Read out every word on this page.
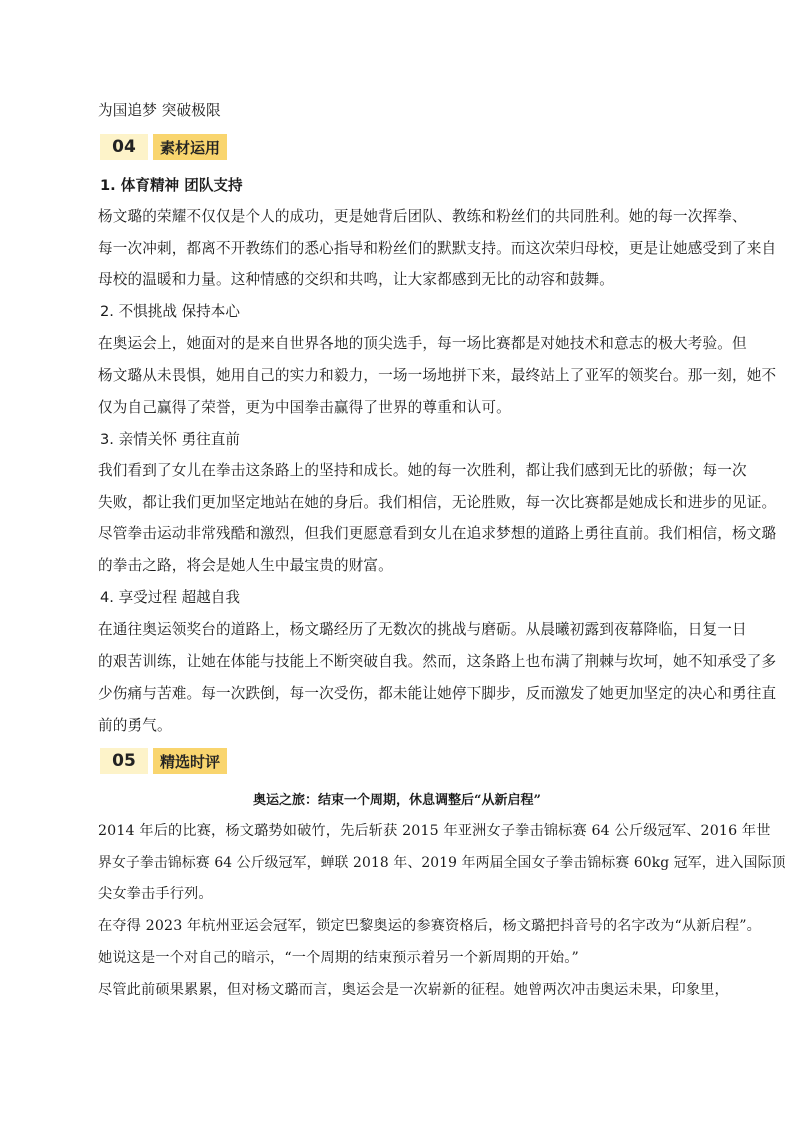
为国追梦 突破极限
04	素材运用
1. 体育精神 团队支持
杨文璐的荣耀不仅仅是个人的成功，更是她背后团队、教练和粉丝们的共同胜利。她的每一次挥拳、
每一次冲刺，都离不开教练们的悉心指导和粉丝们的默默支持。而这次荣归母校，更是让她感受到了来自
母校的温暖和力量。这种情感的交织和共鸣，让大家都感到无比的动容和鼓舞。
2. 不惧挑战 保持本心
在奥运会上，她面对的是来自世界各地的顶尖选手，每一场比赛都是对她技术和意志的极大考验。但
杨文璐从未畏惧，她用自己的实力和毅力，一场一场地拼下来，最终站上了亚军的领奖台。那一刻，她不
仅为自己赢得了荣誉，更为中国拳击赢得了世界的尊重和认可。
3. 亲情关怀 勇往直前
我们看到了女儿在拳击这条路上的坚持和成长。她的每一次胜利，都让我们感到无比的骄傲；每一次
失败，都让我们更加坚定地站在她的身后。我们相信，无论胜败，每一次比赛都是她成长和进步的见证。
尽管拳击运动非常残酷和激烈，但我们更愿意看到女儿在追求梦想的道路上勇往直前。我们相信，杨文璐
的拳击之路，将会是她人生中最宝贵的财富。
4. 享受过程 超越自我
在通往奥运领奖台的道路上，杨文璐经历了无数次的挑战与磨砺。从晨曦初露到夜幕降临，日复一日
的艰苦训练，让她在体能与技能上不断突破自我。然而，这条路上也布满了荆棘与坎坷，她不知承受了多
少伤痛与苦难。每一次跌倒，每一次受伤，都未能让她停下脚步，反而激发了她更加坚定的决心和勇往直
前的勇气。
05	精选时评
奥运之旅：结束一个周期，休息调整后“从新启程”
2014 年后的比赛，杨文璐势如破竹，先后斩获 2015 年亚洲女子拳击锦标赛 64 公斤级冠军、2016 年世
界女子拳击锦标赛 64 公斤级冠军，蝉联 2018 年、2019 年两届全国女子拳击锦标赛 60kg 冠军，进入国际顶
尖女拳击手行列。
在夺得 2023 年杭州亚运会冠军，锁定巴黎奥运的参赛资格后，杨文璐把抖音号的名字改为“从新启程”。
她说这是一个对自己的暗示，“一个周期的结束预示着另一个新周期的开始。”
尽管此前硕果累累，但对杨文璐而言，奥运会是一次崭新的征程。她曾两次冲击奥运未果，印象里，
